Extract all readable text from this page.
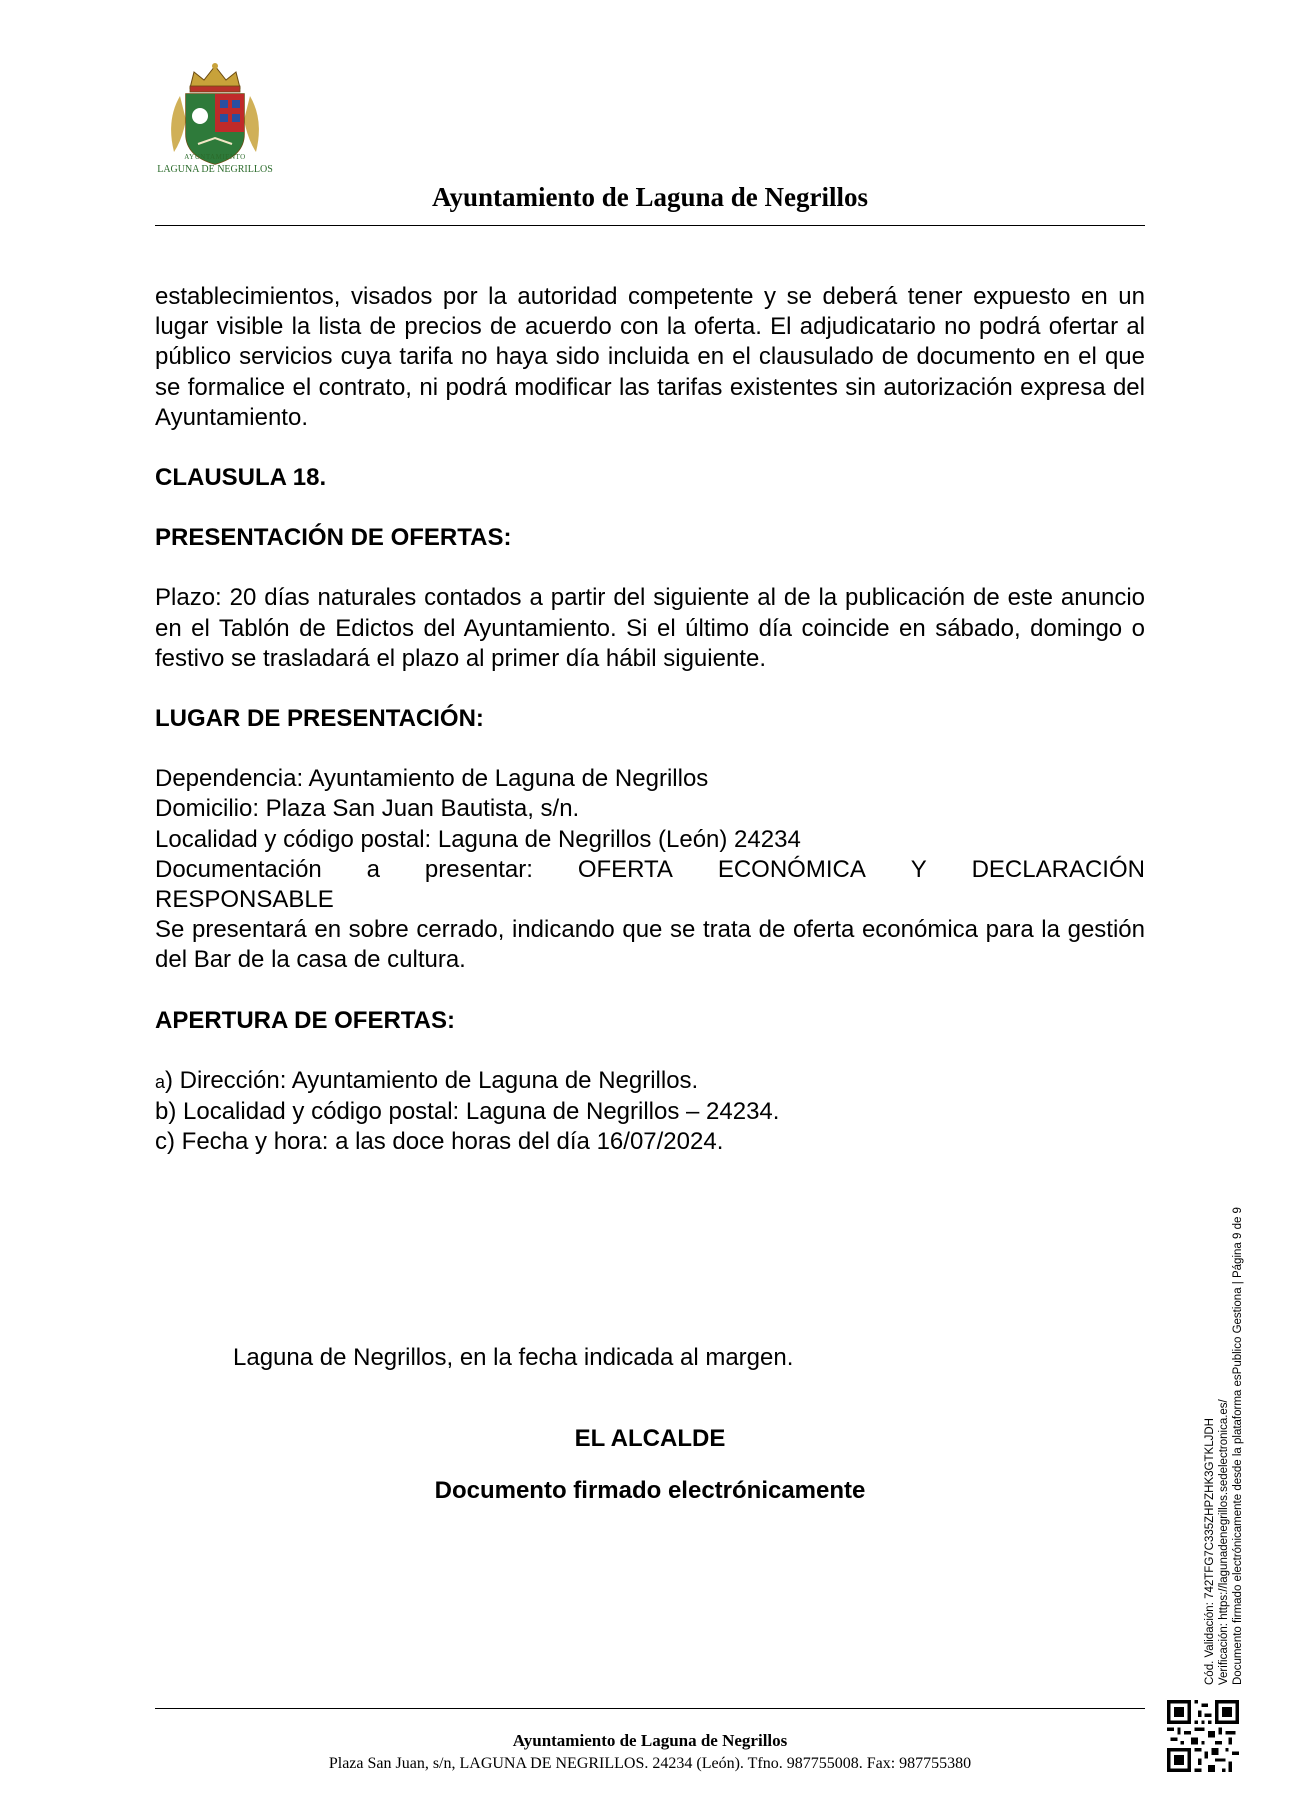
AYUNTAMIENTO
LAGUNA DE NEGRILLOS
Ayuntamiento de Laguna de Negrillos

establecimientos, visados por la autoridad competente y se deberá tener expuesto en un lugar visible la lista de precios de acuerdo con la oferta. El adjudicatario no podrá ofertar al público servicios cuya tarifa no haya sido incluida en el clausulado de documento en el que se formalice el contrato, ni podrá modificar las tarifas existentes sin autorización expresa del Ayuntamiento.

CLAUSULA 18.

PRESENTACIÓN DE OFERTAS:

Plazo: 20 días naturales contados a partir del siguiente al de la publicación de este anuncio en el Tablón de Edictos del Ayuntamiento. Si el último día coincide en sábado, domingo o festivo se trasladará el plazo al primer día hábil siguiente.

LUGAR DE PRESENTACIÓN:

Dependencia: Ayuntamiento de Laguna de Negrillos

Domicilio: Plaza San Juan Bautista, s/n.

Localidad y código postal: Laguna de Negrillos (León) 24234

Documentación a presentar: OFERTA ECONÓMICA Y DECLARACIÓN

RESPONSABLE

Se presentará en sobre cerrado, indicando que se trata de oferta económica para la gestión del Bar de la casa de cultura.

APERTURA DE OFERTAS:

a) Dirección: Ayuntamiento de Laguna de Negrillos.

b) Localidad y código postal: Laguna de Negrillos – 24234.

c) Fecha y hora: a las doce horas del día 16/07/2024.

Laguna de Negrillos, en la fecha indicada al margen.
EL ALCALDE
Documento firmado electrónicamente
Ayuntamiento de Laguna de Negrillos
Plaza San Juan, s/n, LAGUNA DE NEGRILLOS. 24234 (León). Tfno. 987755008. Fax: 987755380
Cód. Validación: 742TFG7C335ZHPZHK3GTKLJDH Verificación: https://lagunadenegrillos.sedelectronica.es/ Documento firmado electrónicamente desde la plataforma esPublico Gestiona | Página 9 de 9
